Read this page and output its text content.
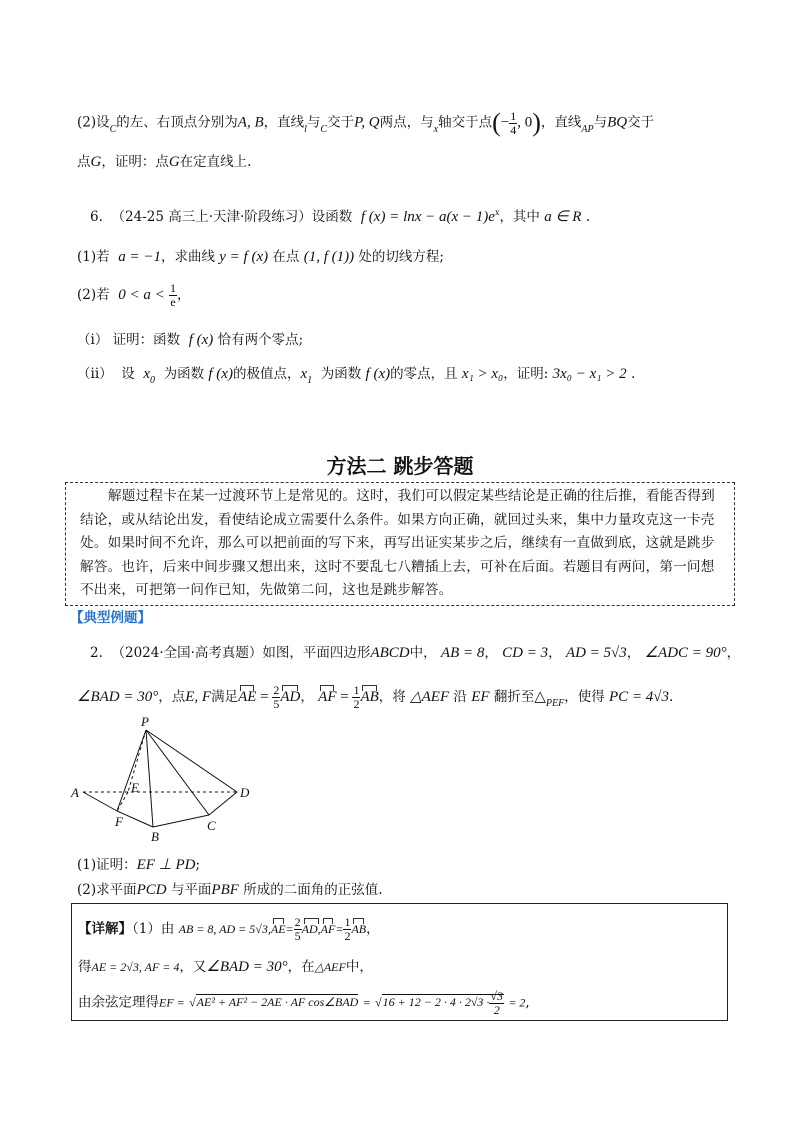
(2)设$_C$的左、右顶点分别为A, B，直线$_l$与$_C$交于P, Q两点，与$_x$轴交于点(− $\frac{1}{4}$ , 0)，直线$_{AP}$与BQ交于
点G，证明：点G在定直线上.
6. （24-25 高三上·天津·阶段练习）设函数 f $(x) = \ln x - a(x - 1)e^x$，其中 a ∈ R .
(1)若 a = −1，求曲线 y = f (x) 在点 (1, f (1)) 处的切线方程;
(2)若 $0 < a < \frac{1}{e}$ ，
（i） 证明：函数 f (x) 恰有两个零点;
（ii） 设 $x_0$ 为函数 f (x)的极值点，$x_1$ 为函数 f (x)的零点，且 x₁ > x₀，证明: 3x₀ − x₁ > 2 .
方法二 跳步答题

解题过程卡在某一过渡环节上是常见的。这时，我们可以假定某些结论是正确的往后推，看能否得到

结论，或从结论出发，看使结论成立需要什么条件。如果方向正确，就回过头来，集中力量攻克这一卡壳

处。如果时间不允许，那么可以把前面的写下来，再写出证实某步之后，继续有一直做到底，这就是跳步

解答。也许，后来中间步骤又想出来，这时不要乱七八糟插上去，可补在后面。若题目有两问，第一问想

不出来，可把第一问作已知，先做第二问，这也是跳步解答。

【典型例题】
2. （2024·全国·高考真题）如图，平面四边形ABCD中， AB = 8， CD = 3， AD = 5√3， ∠ADC = 90°，
∠BAD = 30°，点E, F满足AE = $\frac{2}{5}$ AD， AF = $\frac{1}{2}$ AB，将 △AEF 沿 EF 翻折至$\triangle_{PEF}$，使得 PC = 4√3.
P
A	E	D
F
B
C
(1)证明：EF ⊥ PD;
(2)求平面PCD 与平面PBF 所成的二面角的正弦值.
【详解】（1）由 AB = 8, AD = $5√3,AE= \frac{2}{5} AD,AF= \frac{1}{2}$ AB，
得AE = 2√3, AF = 4，又∠BAD = 30°，在△AEF中，
由余弦定理得EF = √AE² + AF² − 2AE · AF cos∠BAD = $√16 + 12 - 2 \cdot 4 \cdot 2√3 \cdot \frac{√3}{2} = 2$,
